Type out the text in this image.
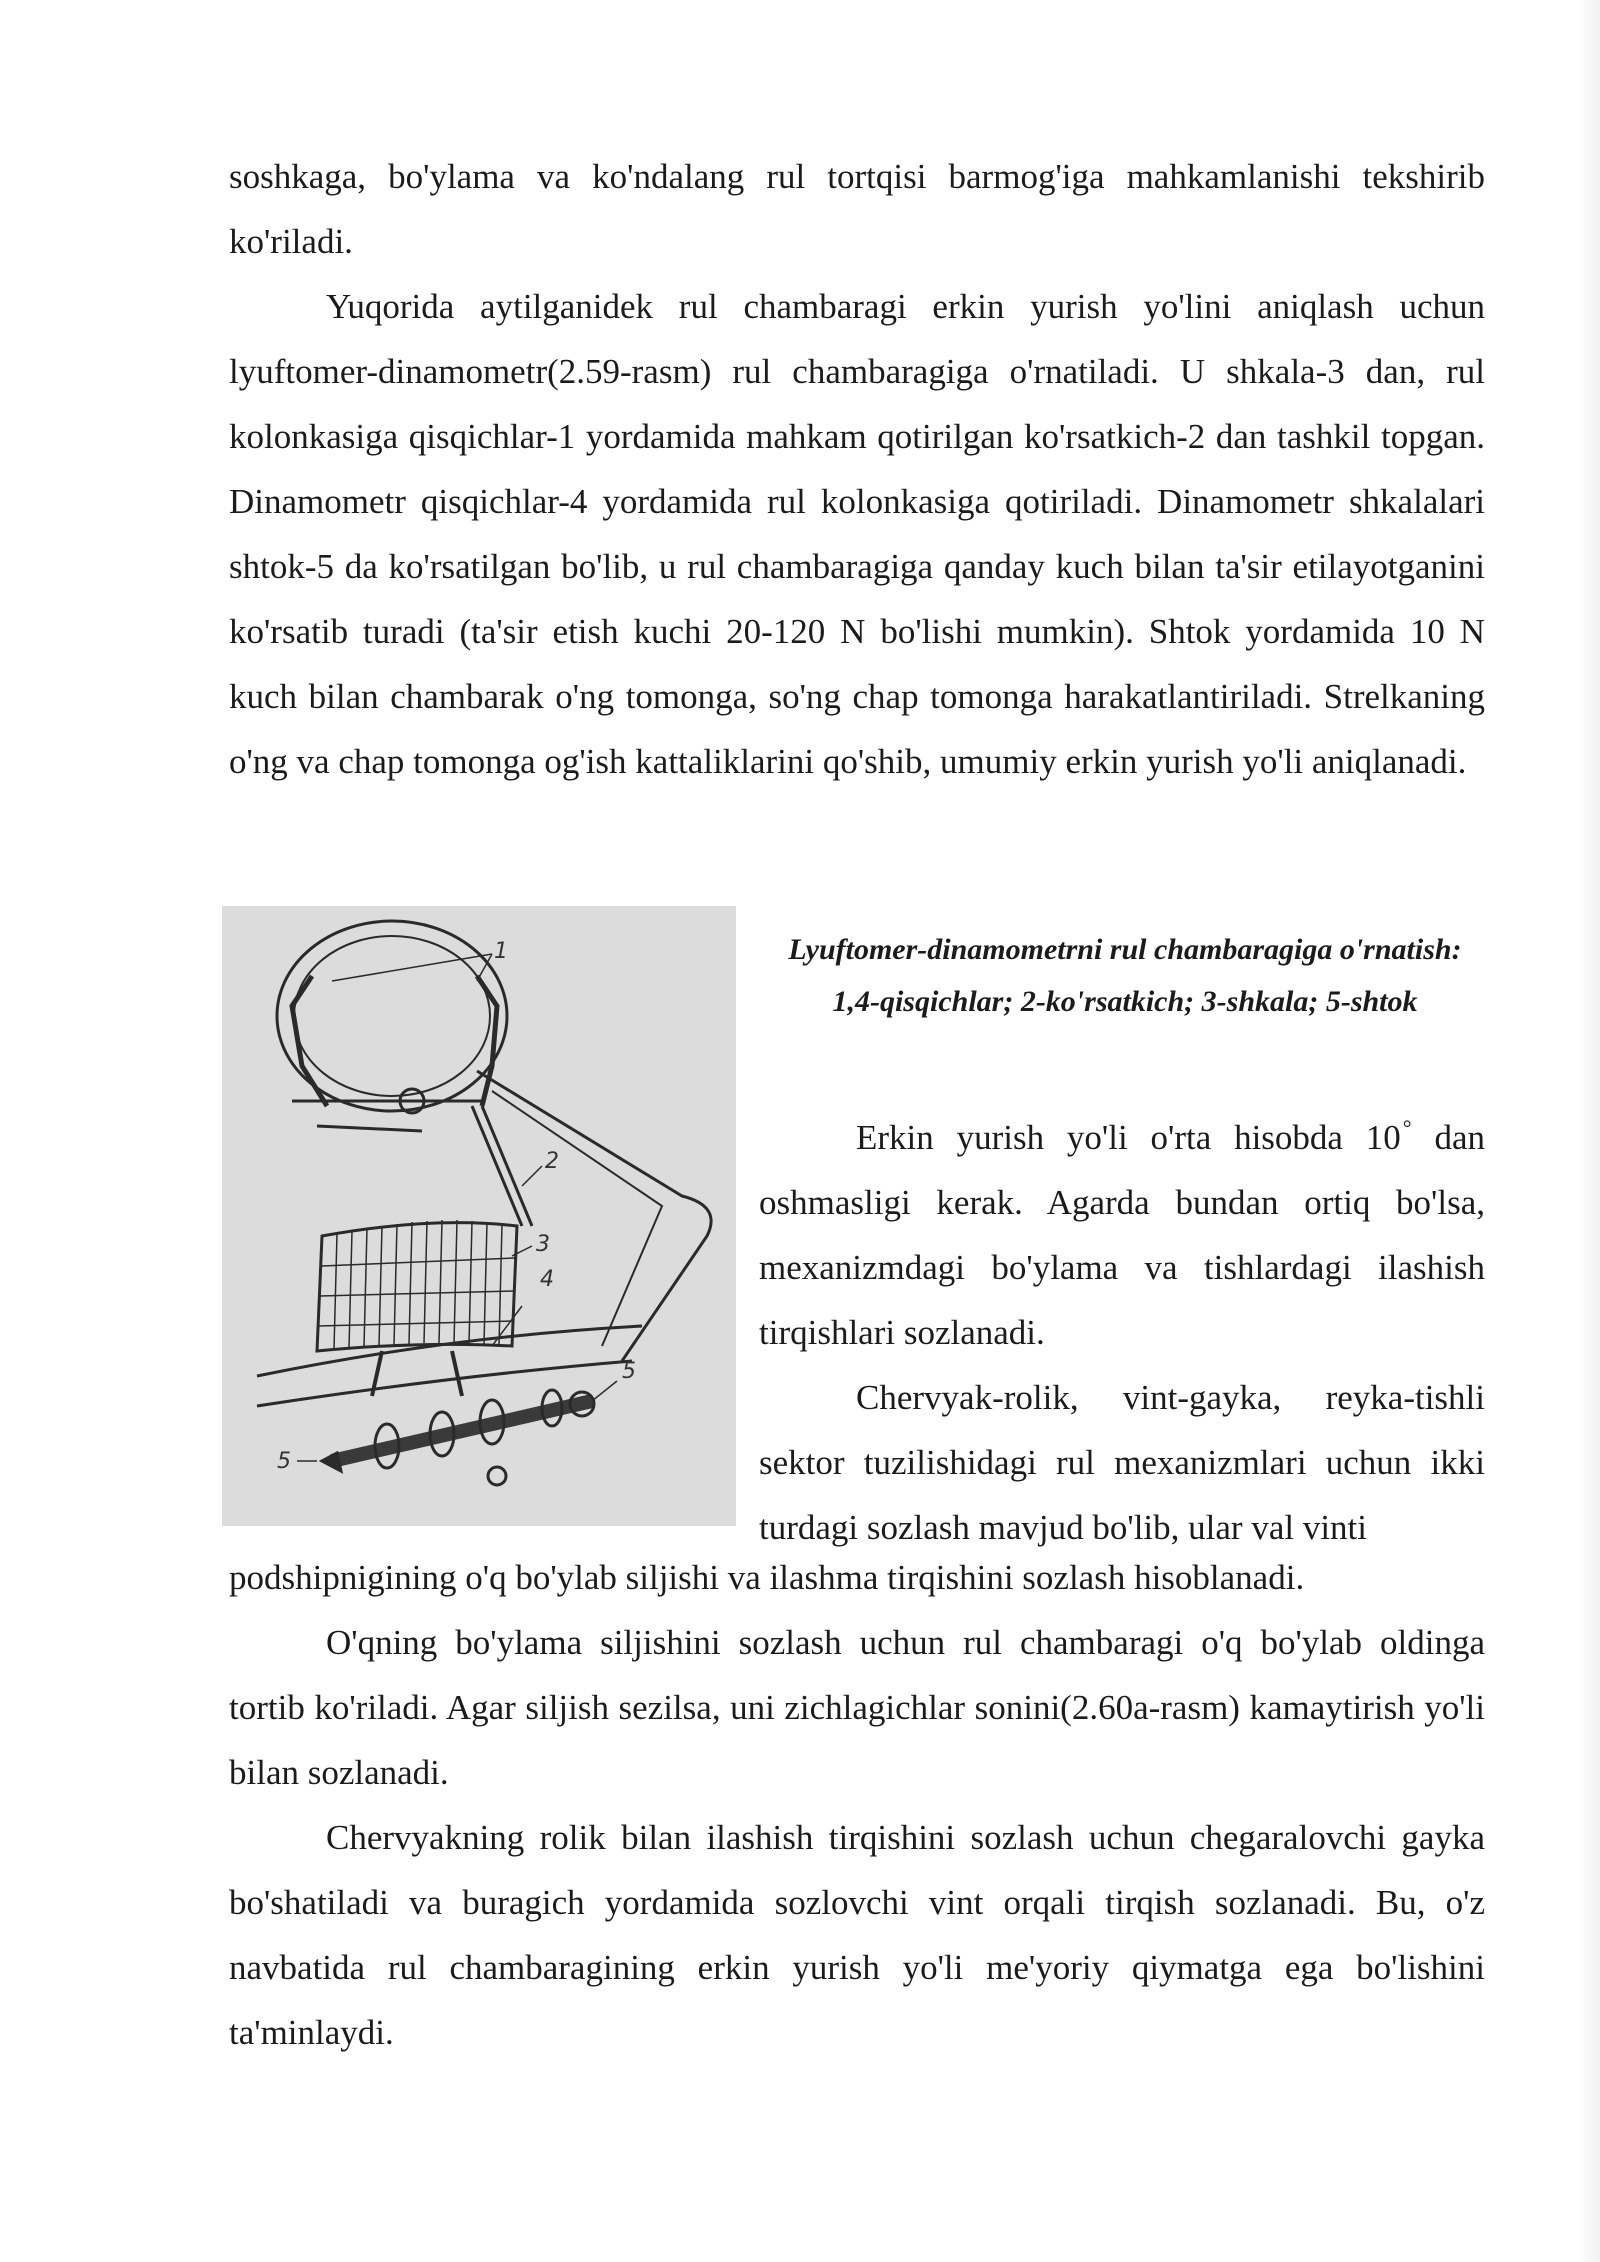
soshkaga, bo'ylama va ko'ndalang rul tortqisi barmog'iga mahkamlanishi tekshirib ko'riladi.

Yuqorida aytilganidek rul chambaragi erkin yurish yo'lini aniqlash uchun lyuftomer-dinamometr(2.59-rasm) rul chambaragiga o'rnatiladi. U shkala-3 dan, rul kolonkasiga qisqichlar-1 yordamida mahkam qotirilgan ko'rsatkich-2 dan tashkil topgan. Dinamometr qisqichlar-4 yordamida rul kolonkasiga qotiriladi. Dinamometr shkalalari shtok-5 da ko'rsatilgan bo'lib, u rul chambaragiga qanday kuch bilan ta'sir etilayotganini ko'rsatib turadi (ta'sir etish kuchi 20-120 N bo'lishi mumkin). Shtok yordamida 10 N kuch bilan chambarak o'ng tomonga, so'ng chap tomonga harakatlantiriladi. Strelkaning o'ng va chap tomonga og'ish kattaliklarini qo'shib, umumiy erkin yurish yo'li aniqlanadi.

1
2
3
4
5
5
Lyuftomer-dinamometrni rul chambaragiga o'rnatish:
1,4-qisqichlar; 2-ko'rsatkich; 3-shkala; 5-shtok

Erkin yurish yo'li o'rta hisobda 10° dan oshmasligi kerak. Agarda bundan ortiq bo'lsa, mexanizmdagi bo'ylama va tishlardagi ilashish tirqishlari sozlanadi.

Chervyak-rolik, vint-gayka, reyka-tishli sektor tuzilishidagi rul mexanizmlari uchun ikki turdagi sozlash mavjud bo'lib, ular val vinti

podshipnigining o'q bo'ylab siljishi va ilashma tirqishini sozlash hisoblanadi.

O'qning bo'ylama siljishini sozlash uchun rul chambaragi o'q bo'ylab oldinga tortib ko'riladi. Agar siljish sezilsa, uni zichlagichlar sonini(2.60a-rasm) kamaytirish yo'li bilan sozlanadi.

Chervyakning rolik bilan ilashish tirqishini sozlash uchun chegaralovchi gayka bo'shatiladi va buragich yordamida sozlovchi vint orqali tirqish sozlanadi. Bu, o'z navbatida rul chambaragining erkin yurish yo'li me'yoriy qiymatga ega bo'lishini ta'minlaydi.
